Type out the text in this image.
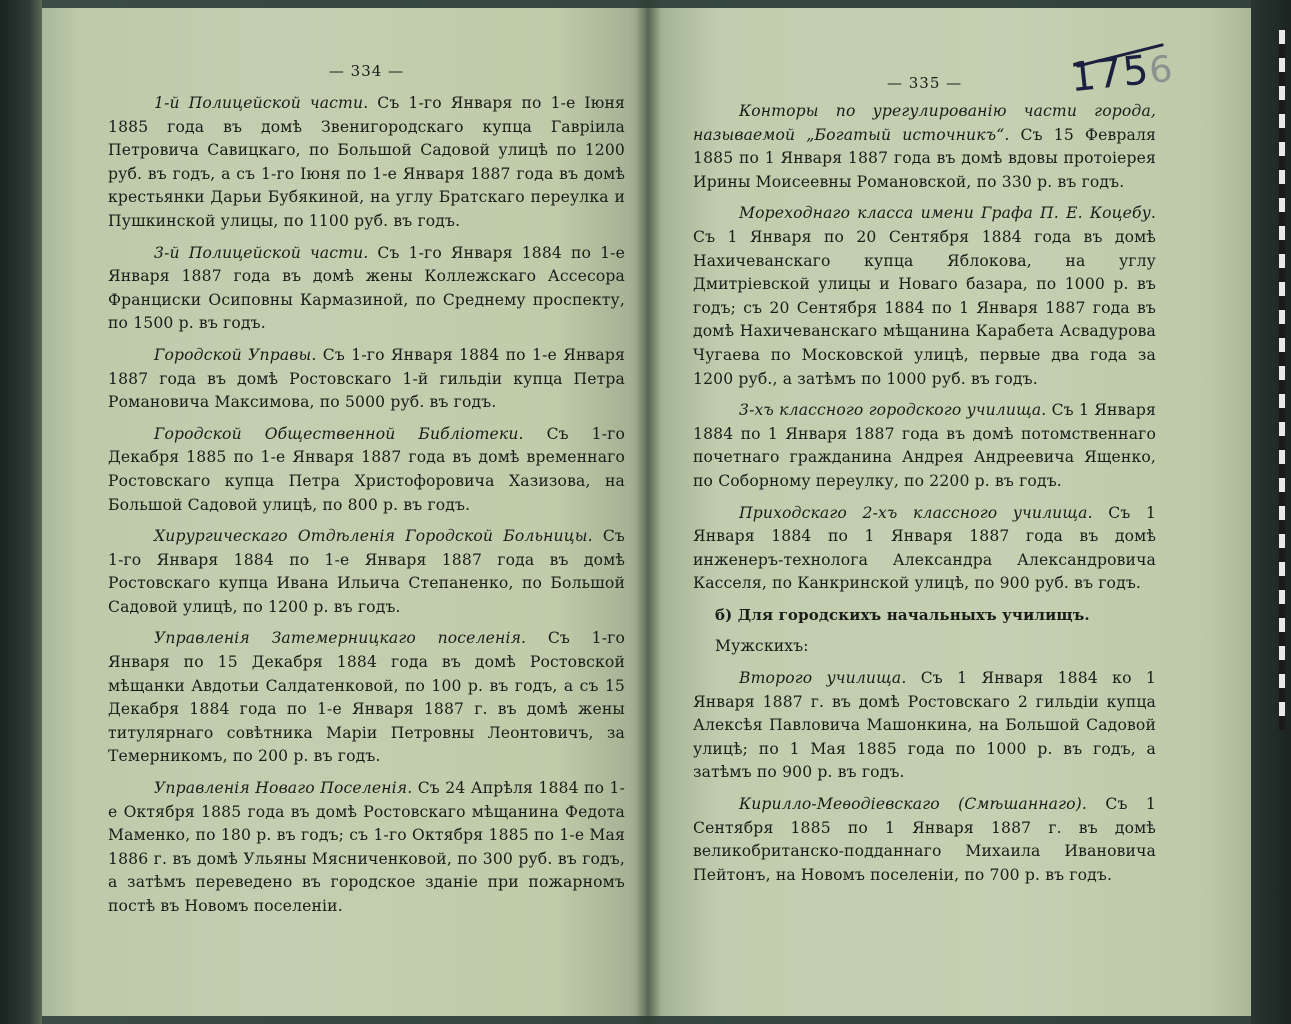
— 334 —

1-й Полицейской части. Съ 1-го Января по 1-е Іюня 1885 года въ домѣ Звенигородскаго купца Гавріила Петровича Савицкаго, по Большой Садовой улицѣ по 1200 руб. въ годъ, а съ 1-го Іюня по 1-е Января 1887 года въ домѣ крестьянки Дарьи Бубякиной, на углу Братскаго переулка и Пушкинской улицы, по 1100 руб. въ годъ.

3-й Полицейской части. Съ 1-го Января 1884 по 1-е Января 1887 года въ домѣ жены Коллежскаго Ассесора Франциски Осиповны Кармазиной, по Среднему проспекту, по 1500 р. въ годъ.

Городской Управы. Съ 1-го Января 1884 по 1-е Января 1887 года въ домѣ Ростовскаго 1-й гильдіи купца Петра Романовича Максимова, по 5000 руб. въ годъ.

Городской Общественной Библіотеки. Съ 1-го Декабря 1885 по 1-е Января 1887 года въ домѣ временнаго Ростовскаго купца Петра Христофоровича Хазизова, на Большой Садовой улицѣ, по 800 р. въ годъ.

Хирургическаго Отдѣленія Городской Больницы. Съ 1-го Января 1884 по 1-е Января 1887 года въ домѣ Ростовскаго купца Ивана Ильича Степаненко, по Большой Садовой улицѣ, по 1200 р. въ годъ.

Управленія Затемерницкаго поселенія. Съ 1-го Января по 15 Декабря 1884 года въ домѣ Ростовской мѣщанки Авдотьи Салдатенковой, по 100 р. въ годъ, а съ 15 Декабря 1884 года по 1-е Января 1887 г. въ домѣ жены титулярнаго совѣтника Маріи Петровны Леонтовичъ, за Темерникомъ, по 200 р. въ годъ.

Управленія Новаго Поселенія. Съ 24 Апрѣля 1884 по 1-е Октября 1885 года въ домѣ Ростовскаго мѣщанина Федота Маменко, по 180 р. въ годъ; съ 1-го Октября 1885 по 1-е Мая 1886 г. въ домѣ Ульяны Мясниченковой, по 300 руб. въ годъ, а затѣмъ переведено въ городское зданіе при пожарномъ постѣ въ Новомъ поселеніи.

— 335 —

Конторы по урегулированію части города, называемой „Богатый источникъ“. Съ 15 Февраля 1885 по 1 Января 1887 года въ домѣ вдовы протоіерея Ирины Моисеевны Романовской, по 330 р. въ годъ.

Мореходнаго класса имени Графа П. Е. Коцебу. Съ 1 Января по 20 Сентября 1884 года въ домѣ Нахичеванскаго купца Яблокова, на углу Дмитріевской улицы и Новаго базара, по 1000 р. въ годъ; съ 20 Сентября 1884 по 1 Января 1887 года въ домѣ Нахичеванскаго мѣщанина Карабета Асвадурова Чугаева по Московской улицѣ, первые два года за 1200 руб., а затѣмъ по 1000 руб. въ годъ.

3-хъ классного городского училища. Съ 1 Января 1884 по 1 Января 1887 года въ домѣ потомственнаго почетнаго гражданина Андрея Андреевича Ященко, по Соборному переулку, по 2200 р. въ годъ.

Приходскаго 2-хъ классного училища. Съ 1 Января 1884 по 1 Января 1887 года въ домѣ инженеръ-технолога Александра Александровича Касселя, по Канкринской улицѣ, по 900 руб. въ годъ.

б) Для городскихъ начальныхъ училищъ.

Мужскихъ:

Второго училища. Съ 1 Января 1884 ко 1 Января 1887 г. въ домѣ Ростовскаго 2 гильдіи купца Алексѣя Павловича Машонкина, на Большой Садовой улицѣ; по 1 Мая 1885 года по 1000 р. въ годъ, а затѣмъ по 900 р. въ годъ.

Кирилло-Меѳодіевскаго (Смѣшаннаго). Съ 1 Сентября 1885 по 1 Января 1887 г. въ домѣ великобританско-подданнаго Михаила Ивановича Пейтонъ, на Новомъ поселеніи, по 700 р. въ годъ.

1756
